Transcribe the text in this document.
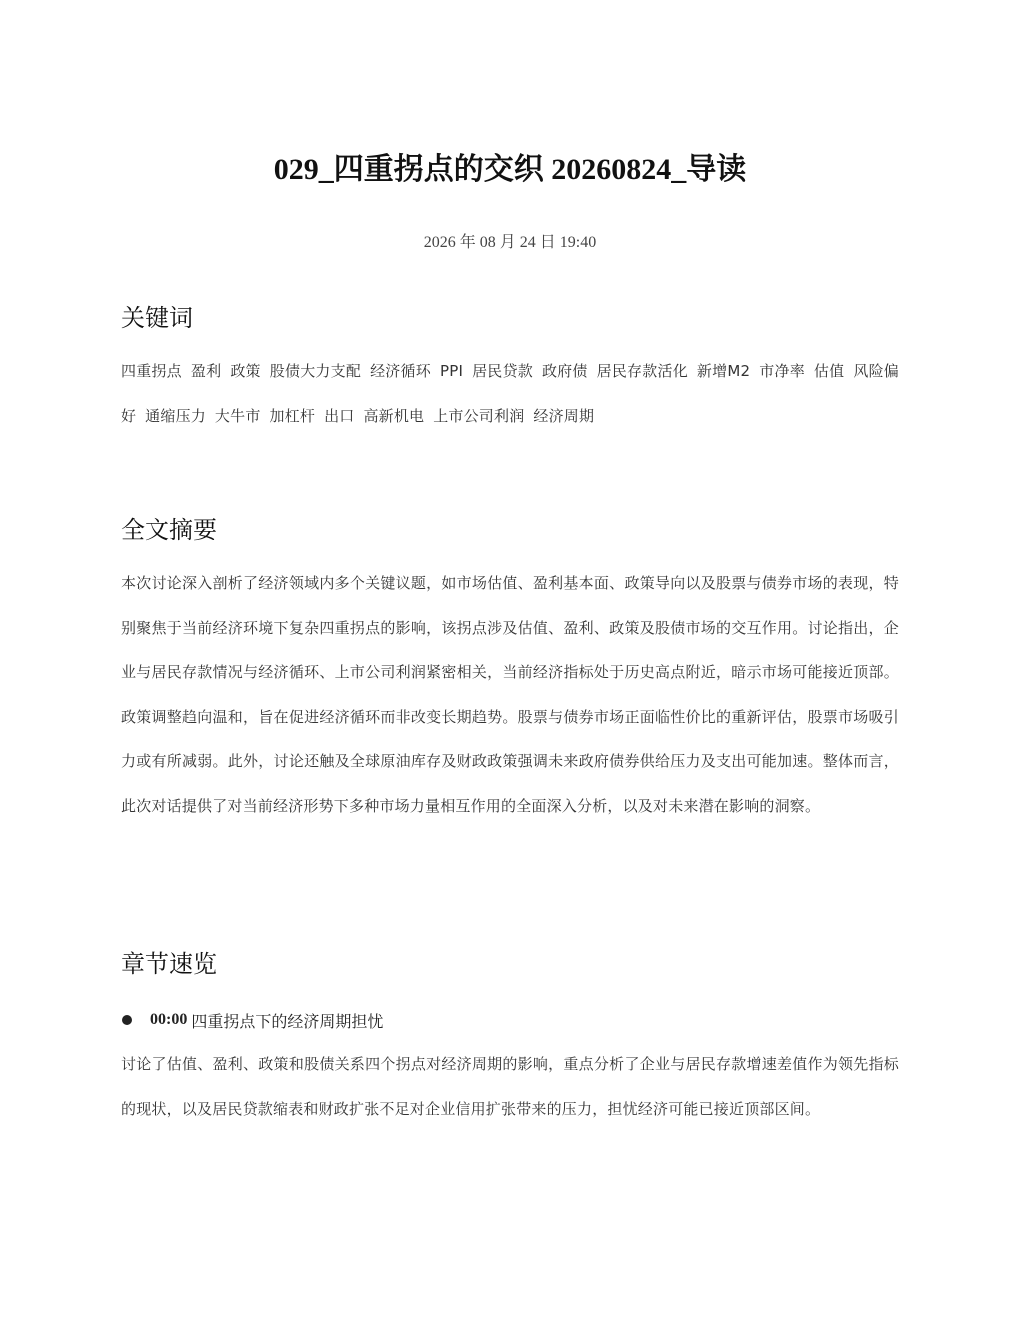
029_四重拐点的交织 20260824_导读
2026 年 08 月 24 日 19:40
关键词

四重拐点 盈利 政策 股债大力支配 经济循环 PPI 居民贷款 政府债 居民存款活化 新增M2 市净率 估值 风险偏好 通缩压力 大牛市 加杠杆 出口 高新机电 上市公司利润 经济周期

全文摘要

本次讨论深入剖析了经济领域内多个关键议题，如市场估值、盈利基本面、政策导向以及股票与债券市场的表现，特别聚焦于当前经济环境下复杂四重拐点的影响，该拐点涉及估值、盈利、政策及股债市场的交互作用。讨论指出，企业与居民存款情况与经济循环、上市公司利润紧密相关，当前经济指标处于历史高点附近，暗示市场可能接近顶部。政策调整趋向温和，旨在促进经济循环而非改变长期趋势。股票与债券市场正面临性价比的重新评估，股票市场吸引力或有所减弱。此外，讨论还触及全球原油库存及财政政策强调未来政府债券供给压力及支出可能加速。整体而言，此次对话提供了对当前经济形势下多种市场力量相互作用的全面深入分析，以及对未来潜在影响的洞察。

章节速览
00:00 四重拐点下的经济周期担忧

讨论了估值、盈利、政策和股债关系四个拐点对经济周期的影响，重点分析了企业与居民存款增速差值作为领先指标的现状，以及居民贷款缩表和财政扩张不足对企业信用扩张带来的压力，担忧经济可能已接近顶部区间。
